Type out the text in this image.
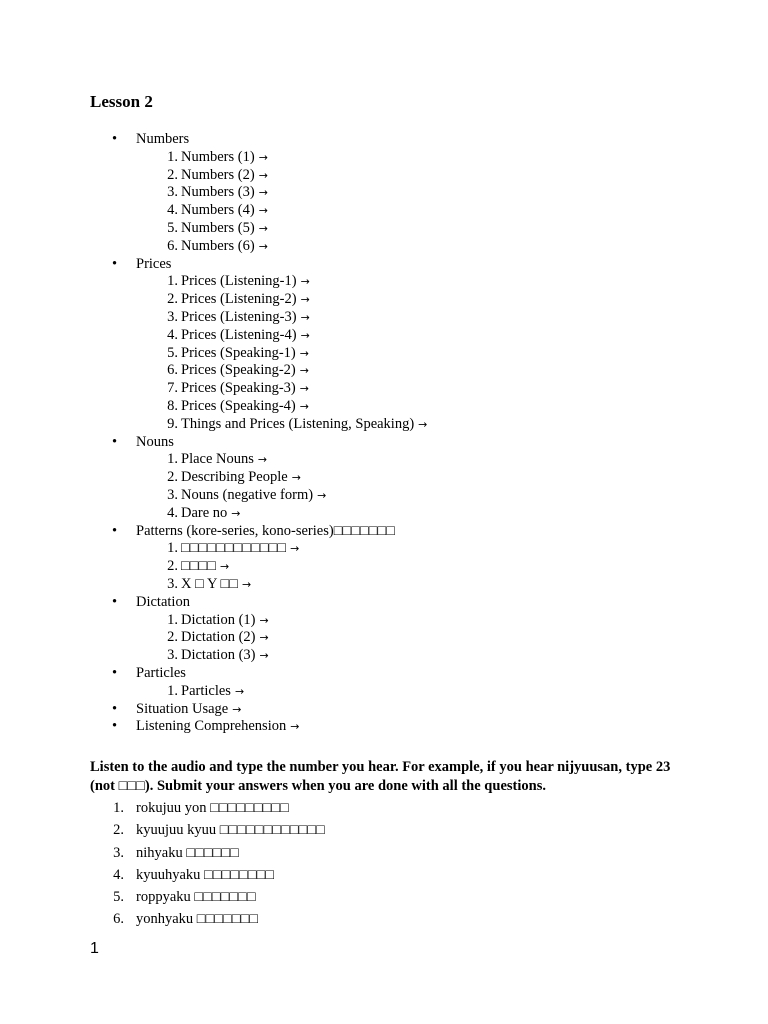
Lesson 2
•	Numbers
1. Numbers (1) →
2. Numbers (2) →
3. Numbers (3) →
4. Numbers (4) →
5. Numbers (5) →
6. Numbers (6) →
•	Prices
1. Prices (Listening-1) →
2. Prices (Listening-2) →
3. Prices (Listening-3) →
4. Prices (Listening-4) →
5. Prices (Speaking-1) →
6. Prices (Speaking-2) →
7. Prices (Speaking-3) →
8. Prices (Speaking-4) →
9. Things and Prices (Listening, Speaking) →
•	Nouns
1. Place Nouns →
2. Describing People →
3. Nouns (negative form) →
4. Dare no →
•	Patterns (kore-series, kono-series)□□□□□□□
1. □□□□□□□□□□□□ →
2. □□□□ →
3. X □ Y □□ →
•	Dictation
1. Dictation (1) →
2. Dictation (2) →
3. Dictation (3) →
•	Particles
1. Particles →
•	Situation Usage →
•	Listening Comprehension →

Listen to the audio and type the number you hear. For example, if you hear nijyuusan, type 23 (not □□□). Submit your answers when you are done with all the questions.

1. rokujuu yon □□□□□□□□□
2. kyuujuu kyuu □□□□□□□□□□□□
3. nihyaku □□□□□□
4. kyuuhyaku □□□□□□□□
5. roppyaku □□□□□□□
6. yonhyaku □□□□□□□
1
